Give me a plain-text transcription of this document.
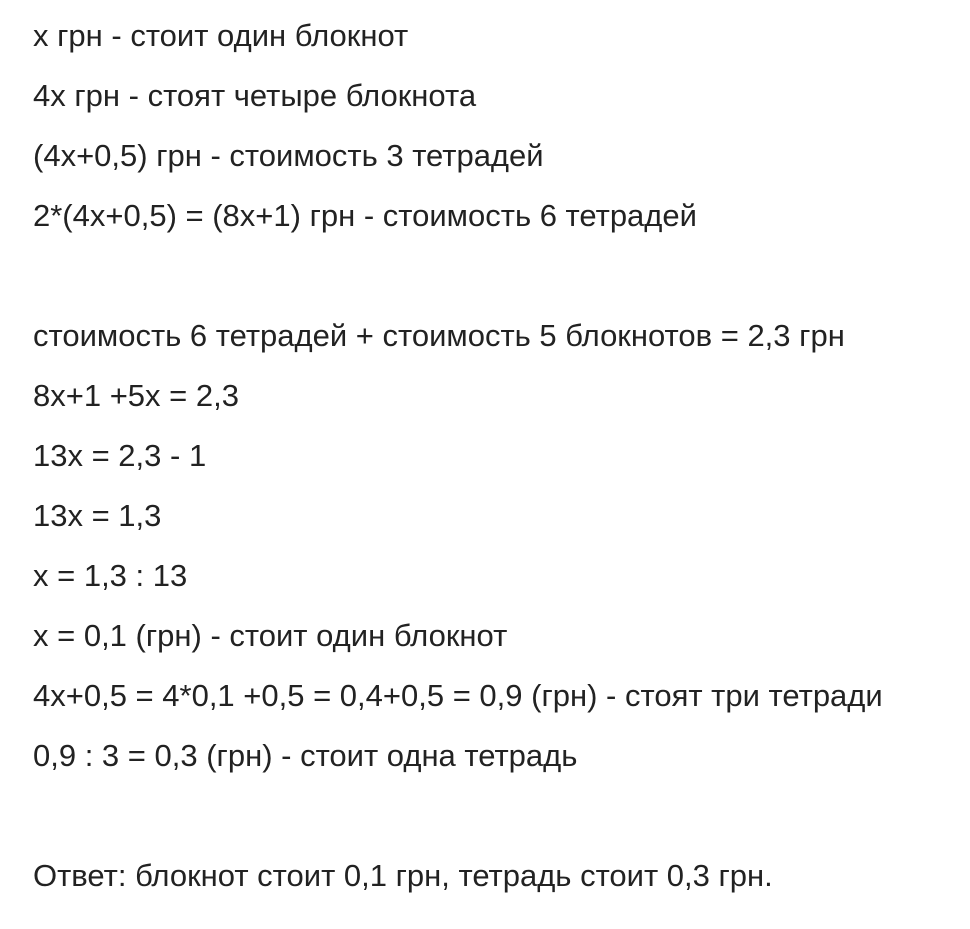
x грн - стоит один блокнот
4x грн - стоят четыре блокнота
(4x+0,5) грн - стоимость 3 тетрадей
2*(4x+0,5) = (8x+1) грн - стоимость 6 тетрадей
стоимость 6 тетрадей + стоимость 5 блокнотов = 2,3 грн
8x+1 +5x = 2,3
13x = 2,3 - 1
13x = 1,3
x = 1,3 : 13
x = 0,1 (грн) - стоит один блокнот
4x+0,5 = 4*0,1 +0,5 = 0,4+0,5 = 0,9 (грн) - стоят три тетради
0,9 : 3 = 0,3 (грн) - стоит одна тетрадь
Ответ: блокнот стоит 0,1 грн, тетрадь стоит 0,3 грн.
